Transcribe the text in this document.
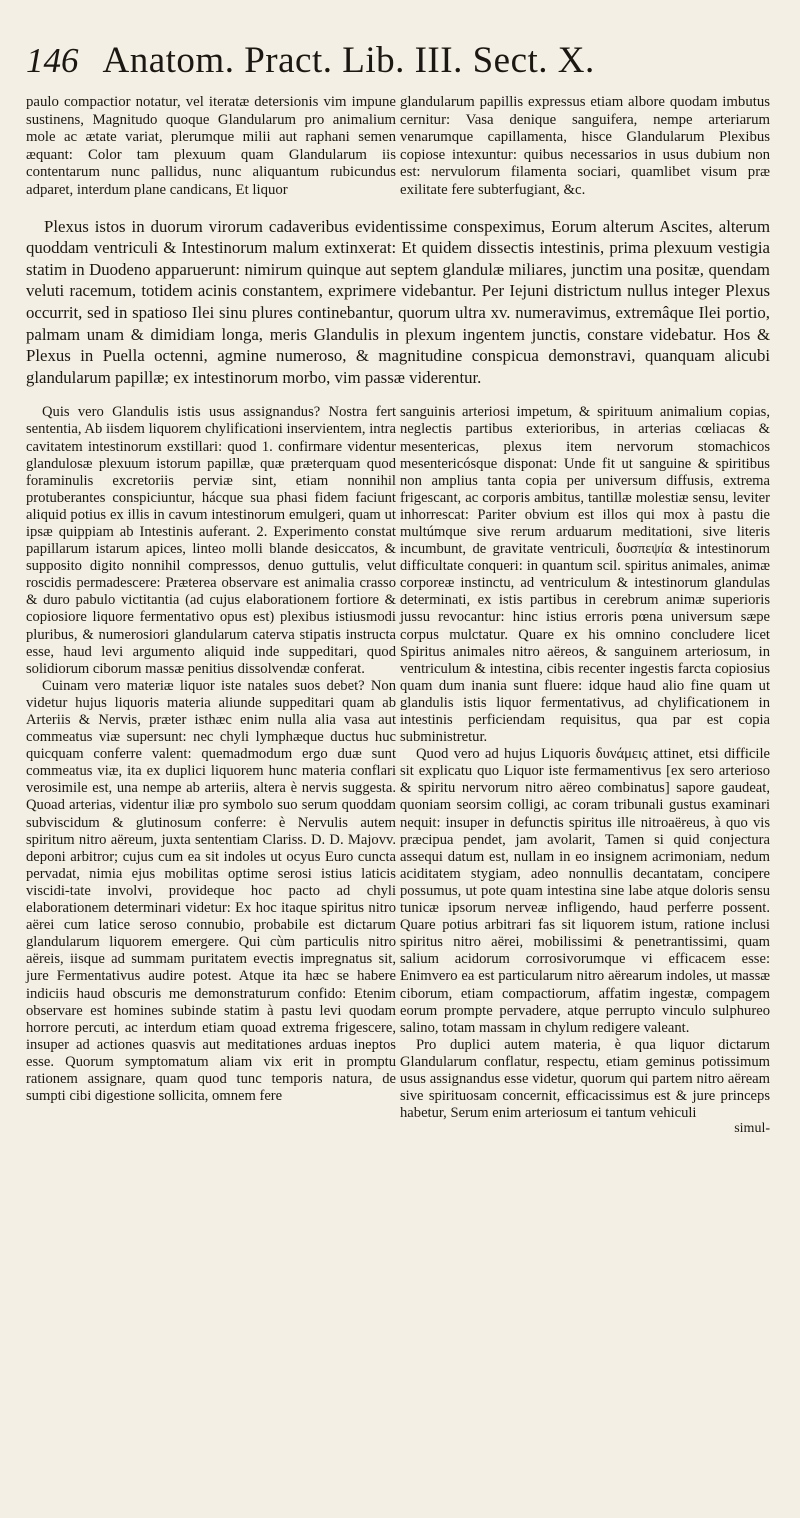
146 Anatom. Pract. Lib. III. Sect. X.

paulo compactior notatur, vel iteratæ detersionis vim impune sustinens, Magnitudo quoque Glandularum pro animalium mole ac ætate variat, plerumque milii aut raphani semen æquant: Color tam plexuum quam Glandularum iis contentarum nunc pallidus, nunc aliquantum rubicundus adparet, interdum plane candicans, Et liquor

glandularum papillis expressus etiam albore quodam imbutus cernitur: Vasa denique sanguifera, nempe arteriarum venarumque capillamenta, hisce Glandularum Plexibus copiose intexuntur: quibus necessarios in usus dubium non est: nervulorum filamenta sociari, quamlibet visum præ exilitate fere subterfugiant, &c.

Plexus istos in duorum virorum cadaveribus evidentissime conspeximus, Eorum alterum Ascites, alterum quoddam ventriculi & Intestinorum malum extinxerat: Et quidem dissectis intestinis, prima plexuum vestigia statim in Duodeno apparuerunt: nimirum quinque aut septem glandulæ miliares, junctim una positæ, quendam veluti racemum, totidem acinis constantem, exprimere videbantur. Per Iejuni districtum nullus integer Plexus occurrit, sed in spatioso Ilei sinu plures continebantur, quorum ultra xv. numeravimus, extremâque Ilei portio, palmam unam & dimidiam longa, meris Glandulis in plexum ingentem junctis, constare videbatur. Hos & Plexus in Puella octenni, agmine numeroso, & magnitudine conspicua demonstravi, quanquam alicubi glandularum papillæ; ex intestinorum morbo, vim passæ viderentur.

Quis vero Glandulis istis usus assignandus? Nostra fert sententia, Ab iisdem liquorem chylificationi inservientem, intra cavitatem intestinorum exstillari: quod 1. confirmare videntur glandulosæ plexuum istorum papillæ, quæ præterquam quod foraminulis excretoriis perviæ sint, etiam nonnihil protuberantes conspiciuntur, hácque sua phasi fidem faciunt aliquid potius ex illis in cavum intestinorum emulgeri, quam ut ipsæ quippiam ab Intestinis auferant. 2. Experimento constat papillarum istarum apices, linteo molli blande desiccatos, & supposito digito nonnihil compressos, denuo guttulis, velut roscidis permadescere: Præterea observare est animalia crasso & duro pabulo victitantia (ad cujus elaborationem fortiore & copiosiore liquore fermentativo opus est) plexibus istiusmodi pluribus, & numerosiori glandularum caterva stipatis instructa esse, haud levi argumento aliquid inde suppeditari, quod solidiorum ciborum massæ penitius dissolvendæ conferat.

Cuinam vero materiæ liquor iste natales suos debet? Non videtur hujus liquoris materia aliunde suppeditari quam ab Arteriis & Nervis, præter isthæc enim nulla alia vasa aut commeatus viæ supersunt: nec chyli lymphæque ductus huc quicquam conferre valent: quemadmodum ergo duæ sunt commeatus viæ, ita ex duplici liquorem hunc materia conflari verosimile est, una nempe ab arteriis, altera è nervis suggesta. Quoad arterias, videntur iliæ pro symbolo suo serum quoddam subviscidum & glutinosum conferre: è Nervulis autem spiritum nitro aëreum, juxta sententiam Clariss. D. D. Majovv. deponi arbitror; cujus cum ea sit indoles ut ocyus Euro cuncta pervadat, nimia ejus mobilitas optime serosi istius laticis viscidi-tate involvi, provideque hoc pacto ad chyli elaborationem determinari videtur: Ex hoc itaque spiritus nitro aërei cum latice seroso connubio, probabile est dictarum glandularum liquorem emergere. Qui cùm particulis nitro aëreis, iisque ad summam puritatem evectis impregnatus sit, jure Fermentativus audire potest. Atque ita hæc se habere indiciis haud obscuris me demonstraturum confido: Etenim observare est homines subinde statim à pastu levi quodam horrore percuti, ac interdum etiam quoad extrema frigescere, insuper ad actiones quasvis aut meditationes arduas ineptos esse. Quorum symptomatum aliam vix erit in promptu rationem assignare, quam quod tunc temporis natura, de sumpti cibi digestione sollicita, omnem fere

sanguinis arteriosi impetum, & spirituum animalium copias, neglectis partibus exterioribus, in arterias cœliacas & mesentericas, plexus item nervorum stomachicos mesentericósque disponat: Unde fit ut sanguine & spiritibus non amplius tanta copia per universum diffusis, extrema frigescant, ac corporis ambitus, tantillæ molestiæ sensu, leviter inhorrescat: Pariter obvium est illos qui mox à pastu die multúmque sive rerum arduarum meditationi, sive literis incumbunt, de gravitate ventriculi, δυσπεψία & intestinorum difficultate conqueri: in quantum scil. spiritus animales, animæ corporeæ instinctu, ad ventriculum & intestinorum glandulas determinati, ex istis partibus in cerebrum animæ superioris jussu revocantur: hinc istius erroris pœna universum sæpe corpus mulctatur. Quare ex his omnino concludere licet Spiritus animales nitro aëreos, & sanguinem arteriosum, in ventriculum & intestina, cibis recenter ingestis farcta copiosius quam dum inania sunt fluere: idque haud alio fine quam ut glandulis istis liquor fermentativus, ad chylificationem in intestinis perficiendam requisitus, qua par est copia subministretur.

Quod vero ad hujus Liquoris δυνάμεις attinet, etsi difficile sit explicatu quo Liquor iste fermamentivus [ex sero arterioso & spiritu nervorum nitro aëreo combinatus] sapore gaudeat, quoniam seorsim colligi, ac coram tribunali gustus examinari nequit: insuper in defunctis spiritus ille nitroaëreus, à quo vis præcipua pendet, jam avolarit, Tamen si quid conjectura assequi datum est, nullam in eo insignem acrimoniam, nedum aciditatem stygiam, adeo nonnullis decantatam, concipere possumus, ut pote quam intestina sine labe atque doloris sensu tunicæ ipsorum nerveæ infligendo, haud perferre possent. Quare potius arbitrari fas sit liquorem istum, ratione inclusi spiritus nitro aërei, mobilissimi & penetrantissimi, quam salium acidorum corrosivorumque vi efficacem esse: Enimvero ea est particularum nitro aërearum indoles, ut massæ ciborum, etiam compactiorum, affatim ingestæ, compagem eorum prompte pervadere, atque perrupto vinculo sulphureo salino, totam massam in chylum redigere valeant.

Pro duplici autem materia, è qua liquor dictarum Glandularum conflatur, respectu, etiam geminus potissimum usus assignandus esse videtur, quorum qui partem nitro aëream sive spirituosam concernit, efficacissimus est & jure princeps habetur, Serum enim arteriosum ei tantum vehiculi

simul-
